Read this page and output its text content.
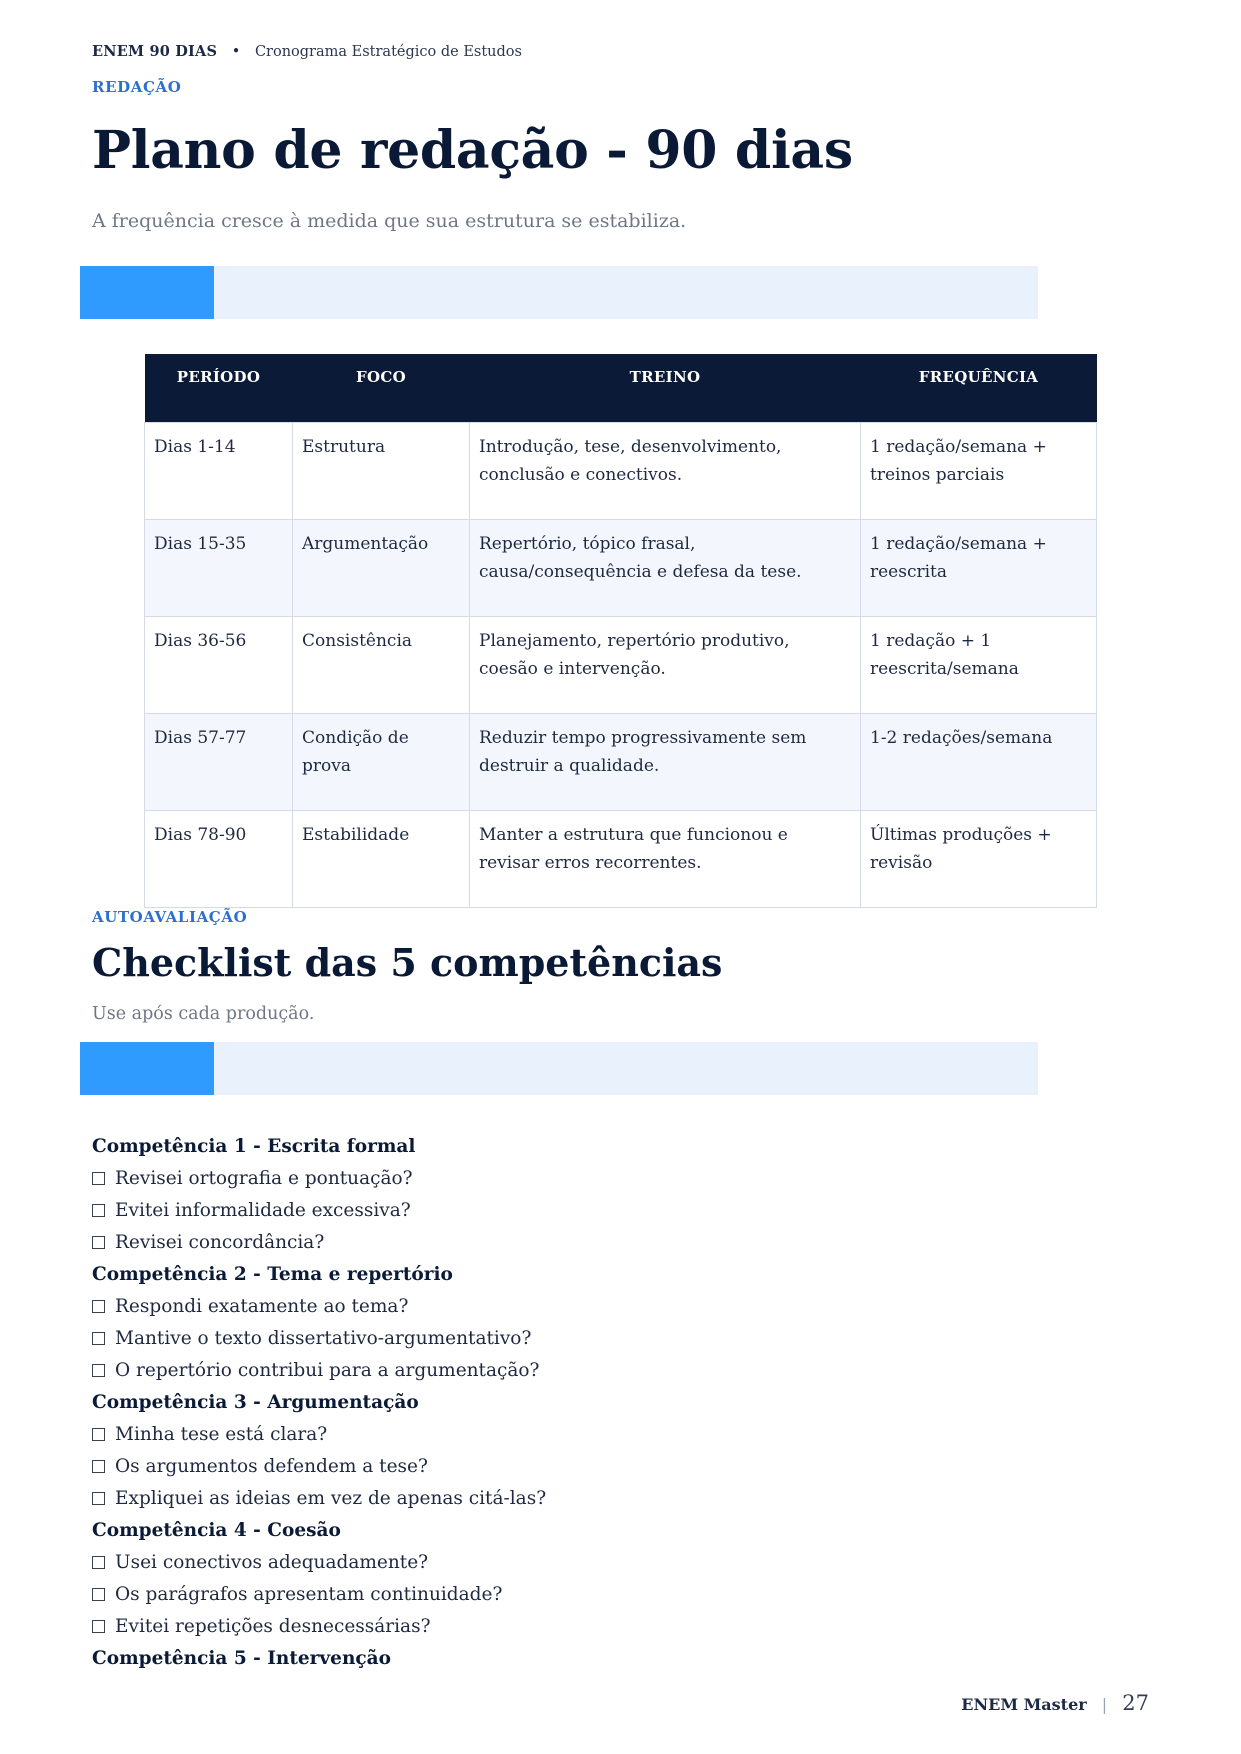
ENEM 90 DIAS • Cronograma Estratégico de Estudos
REDAÇÃO
Plano de redação - 90 dias
A frequência cresce à medida que sua estrutura se estabiliza.
PERÍODO	FOCO	TREINO	FREQUÊNCIA
Dias 1-14	Estrutura	Introdução, tese, desenvolvimento, conclusão e conectivos.	1 redação/semana + treinos parciais
Dias 15-35	Argumentação	Repertório, tópico frasal, causa/consequência e defesa da tese.	1 redação/semana + reescrita
Dias 36-56	Consistência	Planejamento, repertório produtivo, coesão e intervenção.	1 redação + 1 reescrita/semana
Dias 57-77	Condição de prova	Reduzir tempo progressivamente sem destruir a qualidade.	1-2 redações/semana
Dias 78-90	Estabilidade	Manter a estrutura que funcionou e revisar erros recorrentes.	Últimas produções + revisão
AUTOAVALIAÇÃO
Checklist das 5 competências
Use após cada produção.
Competência 1 - Escrita formal
Revisei ortografia e pontuação?
Evitei informalidade excessiva?
Revisei concordância?
Competência 2 - Tema e repertório
Respondi exatamente ao tema?
Mantive o texto dissertativo-argumentativo?
O repertório contribui para a argumentação?
Competência 3 - Argumentação
Minha tese está clara?
Os argumentos defendem a tese?
Expliquei as ideias em vez de apenas citá-las?
Competência 4 - Coesão
Usei conectivos adequadamente?
Os parágrafos apresentam continuidade?
Evitei repetições desnecessárias?
Competência 5 - Intervenção
ENEM Master | 27
